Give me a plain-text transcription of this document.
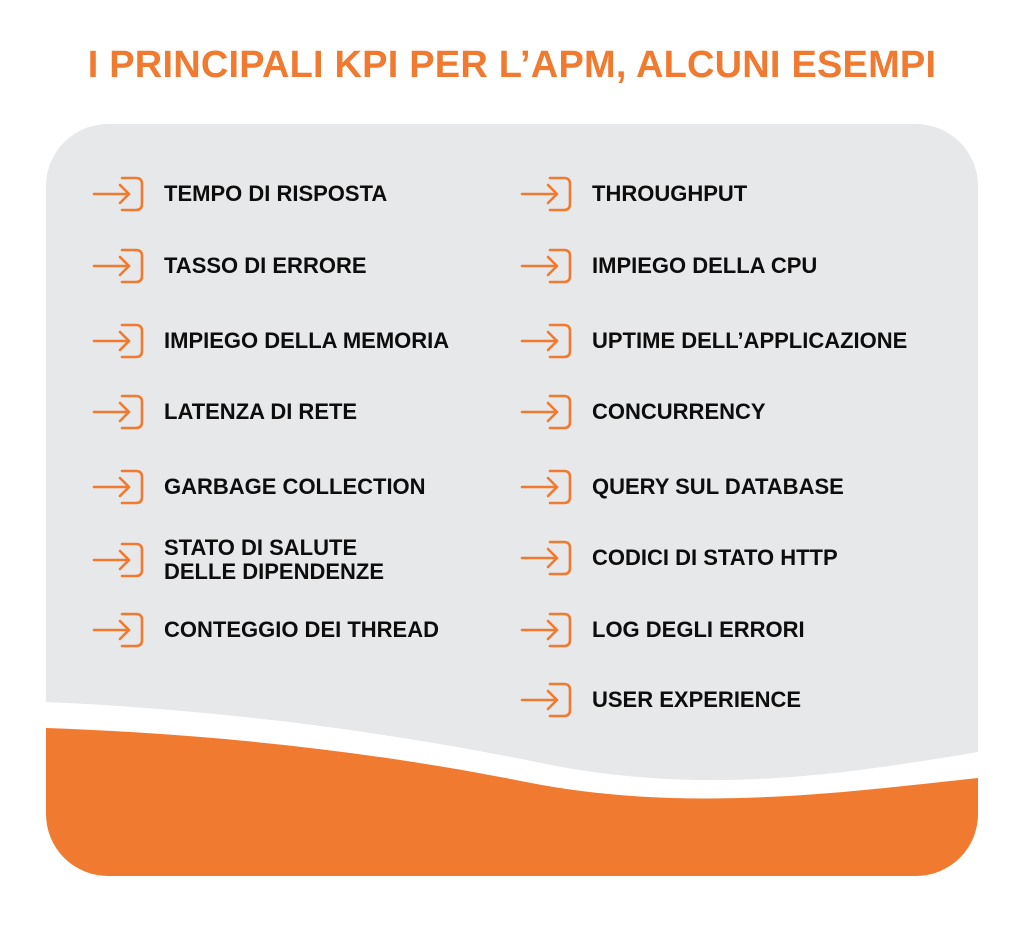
I PRINCIPALI KPI PER L’APM, ALCUNI ESEMPI
TEMPO DI RISPOSTA
TASSO DI ERRORE
IMPIEGO DELLA MEMORIA
LATENZA DI RETE
GARBAGE COLLECTION
STATO DI SALUTE
DELLE DIPENDENZE
CONTEGGIO DEI THREAD
THROUGHPUT
IMPIEGO DELLA CPU
UPTIME DELL’APPLICAZIONE
CONCURRENCY
QUERY SUL DATABASE
CODICI DI STATO HTTP
LOG DEGLI ERRORI
USER EXPERIENCE
